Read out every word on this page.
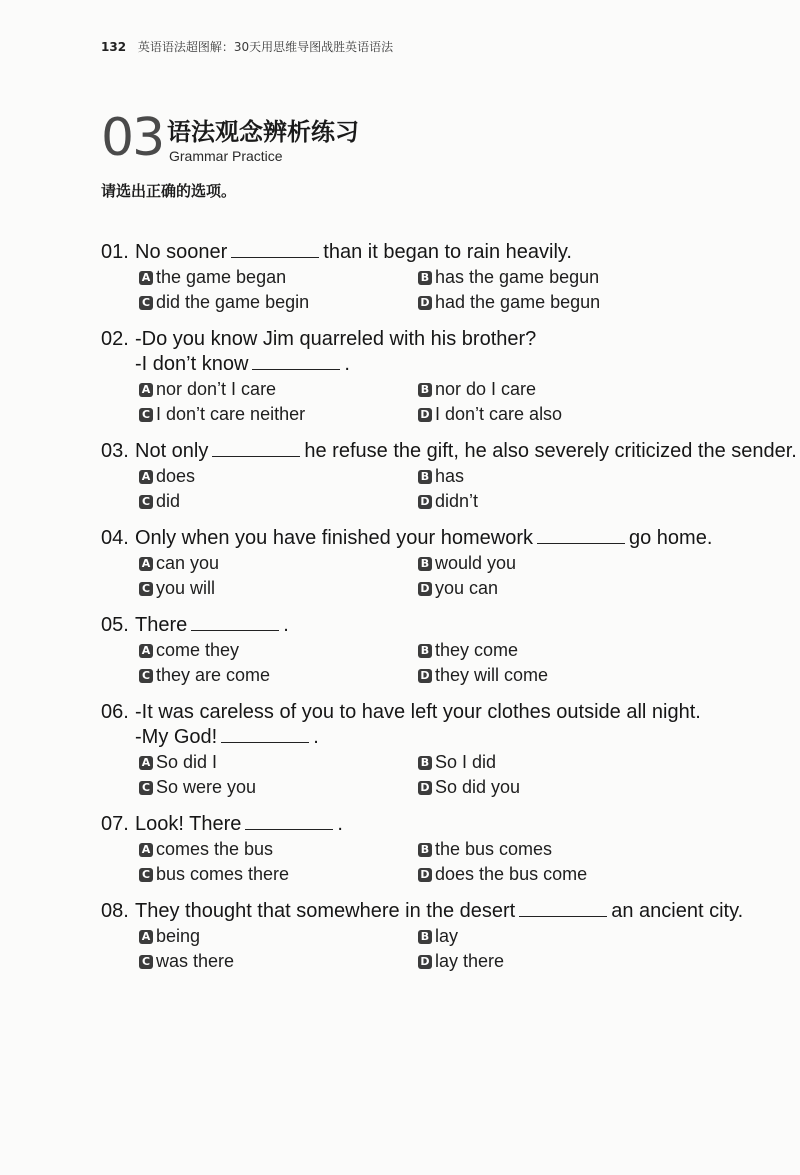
132 英语语法超图解：30天用思维导图战胜英语语法
03 语法观念辨析练习
Grammar Practice
请选出正确的选项。
01. No sooner	than it began to rain heavily.
A the game began	B has the game begun
C did the game begin	D had the game begun
02. -Do you know Jim quarreled with his brother?
-I don’t know	.
A nor don’t I care	B nor do I care
C I don’t care neither	D I don’t care also
03. Not only	he refuse the gift, he also severely criticized the sender.
A does	B has
C did	D didn’t
04. Only when you have finished your homework	go home.
A can you	B would you
C you will	D you can
05. There	.
A come they	B they come
C they are come	D they will come
06. -It was careless of you to have left your clothes outside all night.
-My God!	.
A So did I	B So I did
C So were you	D So did you
07. Look! There	.
A comes the bus	B the bus comes
C bus comes there	D does the bus come
08. They thought that somewhere in the desert	an ancient city.
A being	B lay
C was there	D lay there
